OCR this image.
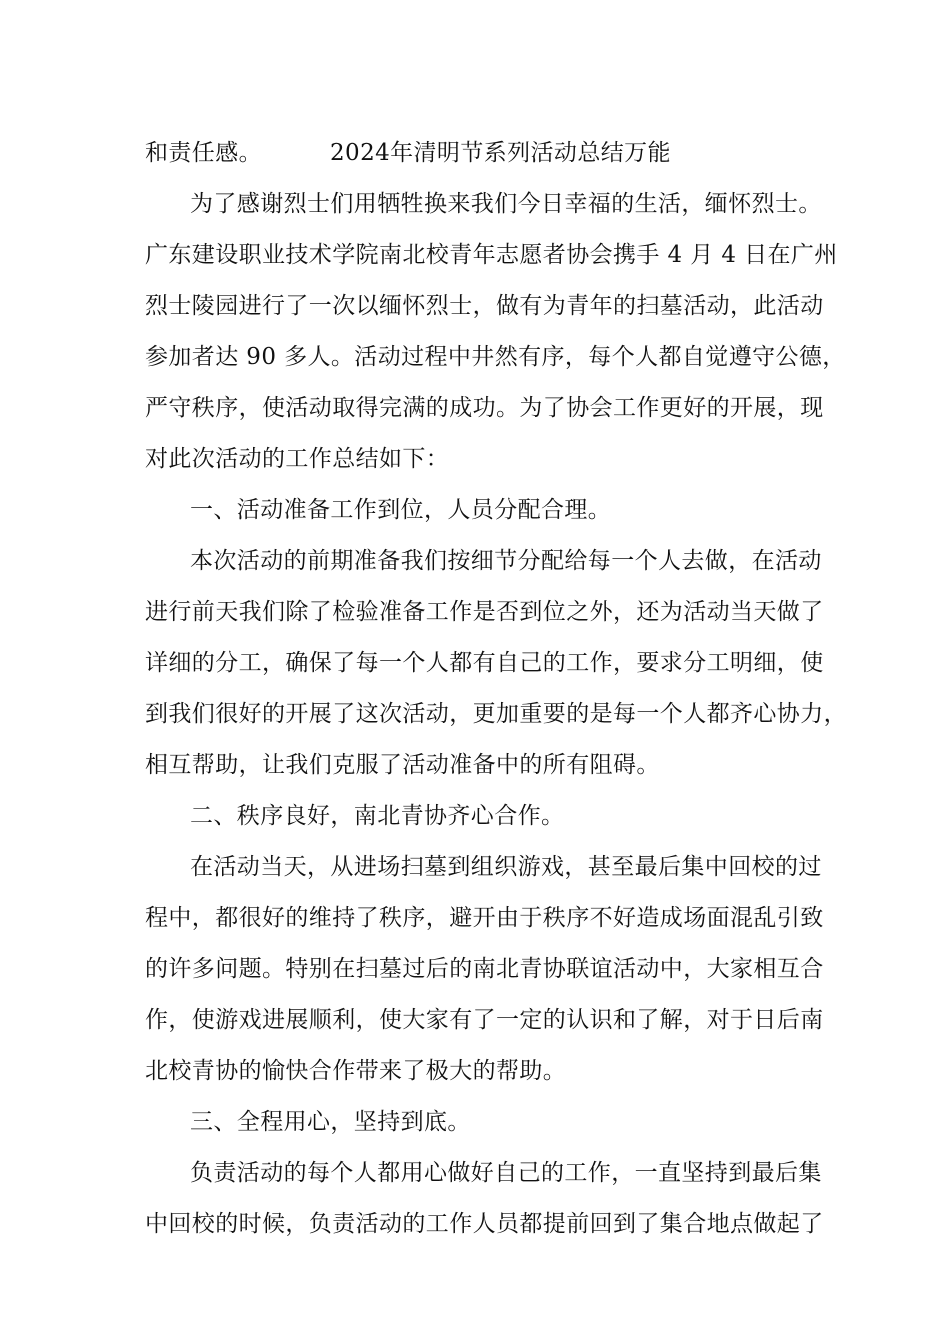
和责任感。	2024年清明节系列活动总结万能
为了感谢烈士们用牺牲换来我们今日幸福的生活，缅怀烈士。
广东建设职业技术学院南北校青年志愿者协会携手 4 月 4 日在广州
烈士陵园进行了一次以缅怀烈士，做有为青年的扫墓活动，此活动
参加者达 90 多人。活动过程中井然有序，每个人都自觉遵守公德，
严守秩序，使活动取得完满的成功。为了协会工作更好的开展，现
对此次活动的工作总结如下：
一、活动准备工作到位，人员分配合理。
本次活动的前期准备我们按细节分配给每一个人去做，在活动
进行前天我们除了检验准备工作是否到位之外，还为活动当天做了
详细的分工，确保了每一个人都有自己的工作，要求分工明细，使
到我们很好的开展了这次活动，更加重要的是每一个人都齐心协力，
相互帮助，让我们克服了活动准备中的所有阻碍。
二、秩序良好，南北青协齐心合作。
在活动当天，从进场扫墓到组织游戏，甚至最后集中回校的过
程中，都很好的维持了秩序，避开由于秩序不好造成场面混乱引致
的许多问题。特别在扫墓过后的南北青协联谊活动中，大家相互合
作，使游戏进展顺利，使大家有了一定的认识和了解，对于日后南
北校青协的愉快合作带来了极大的帮助。
三、全程用心，坚持到底。
负责活动的每个人都用心做好自己的工作，一直坚持到最后集
中回校的时候，负责活动的工作人员都提前回到了集合地点做起了
